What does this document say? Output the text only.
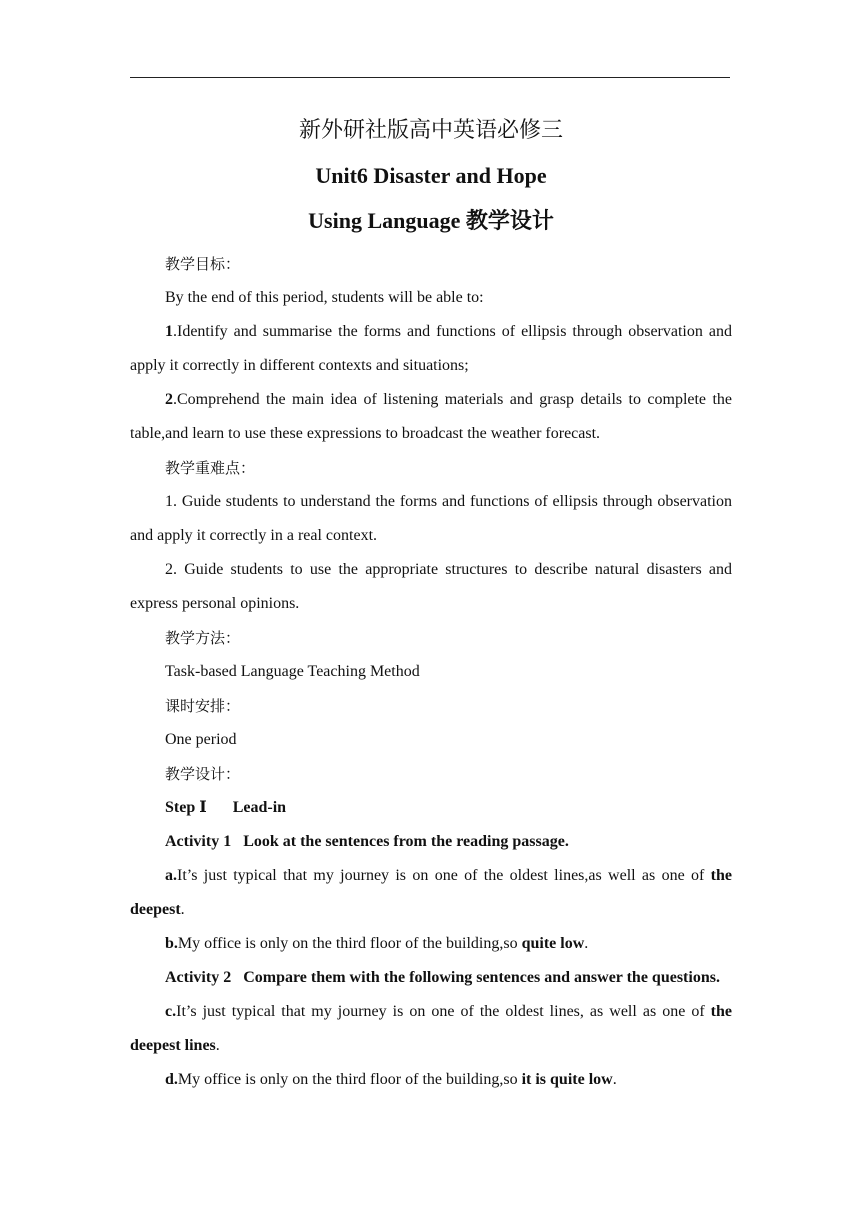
新外研社版高中英语必修三

Unit6 Disaster and Hope

Using Language 教学设计

教学目标：

By the end of this period, students will be able to:

1.Identify and summarise the forms and functions of ellipsis through observation and apply it correctly in different contexts and situations;

2.Comprehend the main idea of listening materials and grasp details to complete the table,and learn to use these expressions to broadcast the weather forecast.

教学重难点：

1. Guide students to understand the forms and functions of ellipsis through observation and apply it correctly in a real context.

2. Guide students to use the appropriate structures to describe natural disasters and express personal opinions.

教学方法：

Task-based Language Teaching Method

课时安排：

One period

教学设计：

Step Ⅰ Lead-in

Activity 1 Look at the sentences from the reading passage.

a.It’s just typical that my journey is on one of the oldest lines,as well as one of the deepest.

b.My office is only on the third floor of the building,so quite low.

Activity 2 Compare them with the following sentences and answer the questions.

c.It’s just typical that my journey is on one of the oldest lines, as well as one of the deepest lines.

d.My office is only on the third floor of the building,so it is quite low.
